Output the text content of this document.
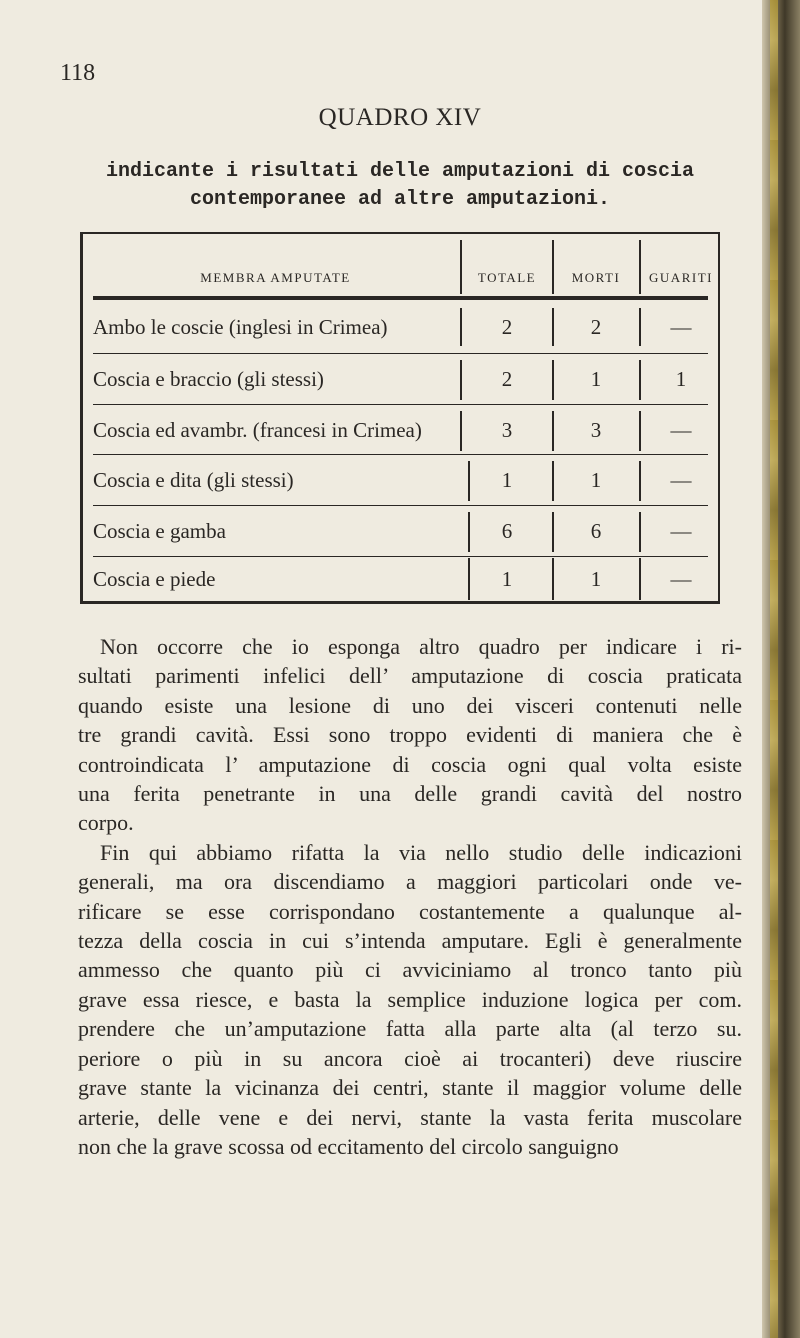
118
QUADRO XIV
indicante i risultati delle amputazioni di coscia
contemporanee ad altre amputazioni.
MEMBRA AMPUTATE	TOTALE	MORTI	GUARITI
Ambo le coscie (inglesi in Crimea)	2	2	—
Coscia e braccio (gli stessi)	2	1	1
Coscia ed avambr. (francesi in Crimea)	3	3	—
Coscia e dita (gli stessi)	1	1	—
Coscia e gamba	6	6	—
Coscia e piede	1	1	—

Non occorre che io esponga altro quadro per indicare i ri-

sultati parimenti infelici dell’ amputazione di coscia praticata

quando esiste una lesione di uno dei visceri contenuti nelle

tre grandi cavità. Essi sono troppo evidenti di maniera che è

controindicata l’ amputazione di coscia ogni qual volta esiste

una ferita penetrante in una delle grandi cavità del nostro

corpo.

Fin qui abbiamo rifatta la via nello studio delle indicazioni

generali, ma ora discendiamo a maggiori particolari onde ve-

rificare se esse corrispondano costantemente a qualunque al-

tezza della coscia in cui s’intenda amputare. Egli è generalmente

ammesso che quanto più ci avviciniamo al tronco tanto più

grave essa riesce, e basta la semplice induzione logica per com.

prendere che un’amputazione fatta alla parte alta (al terzo su.

periore o più in su ancora cioè ai trocanteri) deve riuscire

grave stante la vicinanza dei centri, stante il maggior volume delle

arterie, delle vene e dei nervi, stante la vasta ferita muscolare

non che la grave scossa od eccitamento del circolo sanguigno
